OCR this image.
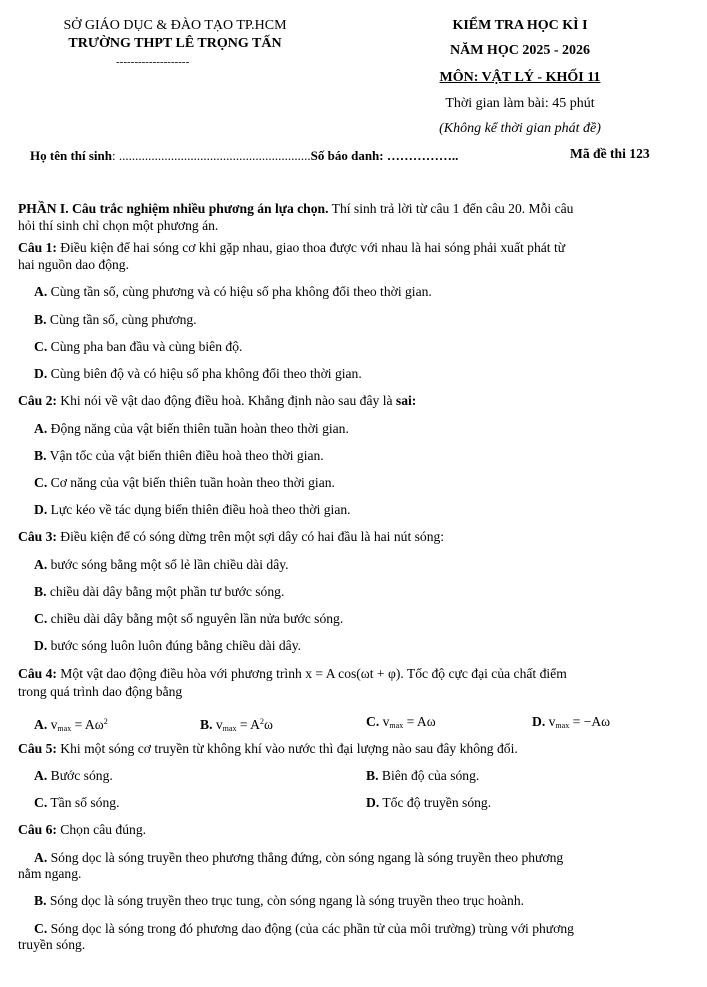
SỞ GIÁO DỤC & ĐÀO TẠO TP.HCM
TRƯỜNG THPT LÊ TRỌNG TẤN
--------------------
KIỂM TRA HỌC KÌ I
NĂM HỌC 2025 - 2026
MÔN: VẬT LÝ - KHỐI 11
Thời gian làm bài: 45 phút
(Không kể thời gian phát đề)
Họ tên thí sinh: ...........................................................Số báo danh: ……………..	Mã đề thi 123
PHẦN I. Câu trắc nghiệm nhiều phương án lựa chọn. Thí sinh trả lời từ câu 1 đến câu 20. Mỗi câu
hỏi thí sinh chỉ chọn một phương án.
Câu 1: Điều kiện để hai sóng cơ khi gặp nhau, giao thoa được với nhau là hai sóng phải xuất phát từ
hai nguồn dao động.
A. Cùng tần số, cùng phương và có hiệu số pha không đổi theo thời gian.
B. Cùng tần số, cùng phương.
C. Cùng pha ban đầu và cùng biên độ.
D. Cùng biên độ và có hiệu số pha không đổi theo thời gian.
Câu 2: Khi nói về vật dao động điều hoà. Khẳng định nào sau đây là sai:
A. Động năng của vật biến thiên tuần hoàn theo thời gian.
B. Vận tốc của vật biến thiên điều hoà theo thời gian.
C. Cơ năng của vật biến thiên tuần hoàn theo thời gian.
D. Lực kéo về tác dụng biến thiên điều hoà theo thời gian.
Câu 3: Điều kiện để có sóng dừng trên một sợi dây có hai đầu là hai nút sóng:
A. bước sóng bằng một số lẻ lần chiều dài dây.
B. chiều dài dây bằng một phần tư bước sóng.
C. chiều dài dây bằng một số nguyên lần nửa bước sóng.
D. bước sóng luôn luôn đúng bằng chiều dài dây.
Câu 4: Một vật dao động điều hòa với phương trình x = A cos(ωt + φ). Tốc độ cực đại của chất điểm
trong quá trình dao động bằng
A. $v_{max} = A\omega^2$	B. $v_{max} = A^2\omega$	C. $v_{max} = A\omega$	D. $v_{max} = -A\omega$
Câu 5: Khi một sóng cơ truyền từ không khí vào nước thì đại lượng nào sau đây không đổi.
A. Bước sóng.	B. Biên độ của sóng.
C. Tần số sóng.	D. Tốc độ truyền sóng.
Câu 6: Chọn câu đúng.
A. Sóng dọc là sóng truyền theo phương thẳng đứng, còn sóng ngang là sóng truyền theo phương
nằm ngang.
B. Sóng dọc là sóng truyền theo trục tung, còn sóng ngang là sóng truyền theo trục hoành.
C. Sóng dọc là sóng trong đó phương dao động (của các phần tử của môi trường) trùng với phương
truyền sóng.
